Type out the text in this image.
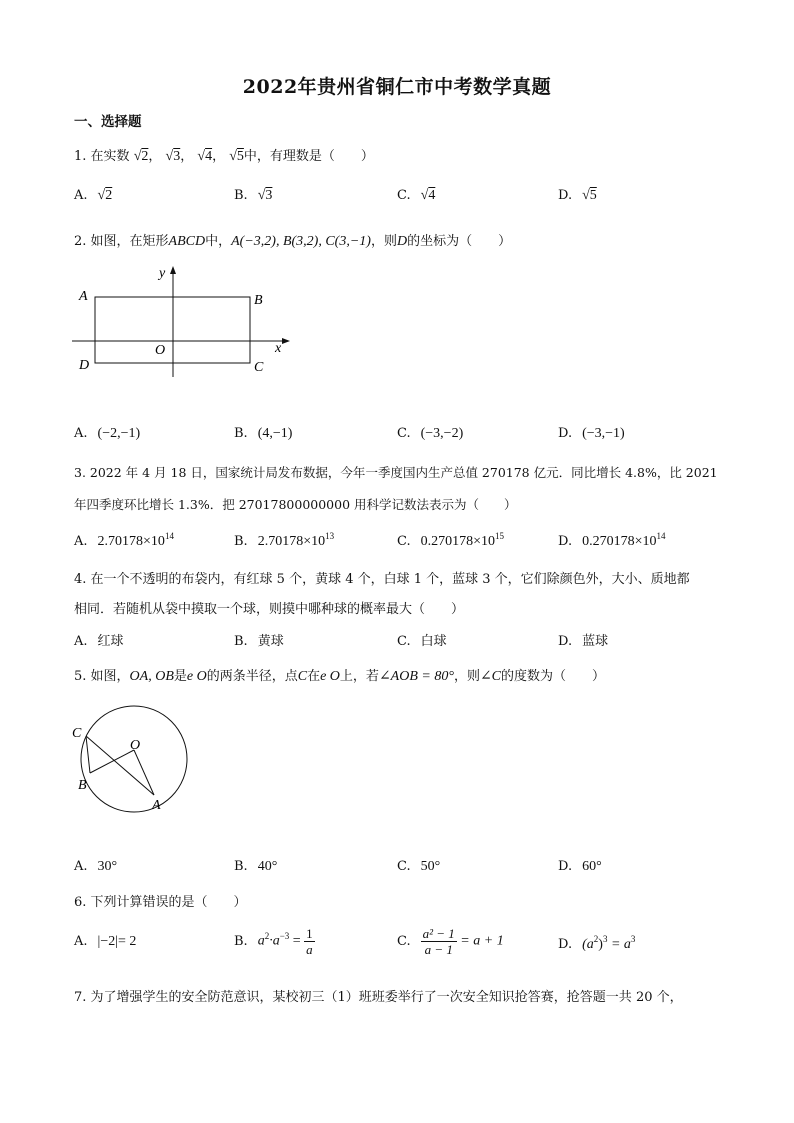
2022年贵州省铜仁市中考数学真题
一、选择题
1. 在实数 √2， √3， √4， √5中，有理数是（　　）
A. √2	B. √3	C. √4	D. √5
2. 如图，在矩形ABCD中，A(−3,2), B(3,2), C(3,−1)，则D的坐标为（　　）
A	B
C
D
O	x
y
A. (−2,−1)	B. (4,−1)	C. (−3,−2)	D. (−3,−1)
3. 2022 年 4 月 18 日，国家统计局发布数据，今年一季度国内生产总值 270178 亿元．同比增长 4.8%，比 2021
年四季度环比增长 1.3%．把 27017800000000 用科学记数法表示为（　　）
A. $2.70178\times 10^{14}$	B. $2.70178\times 10^{13}$	C. $0.270178\times 10^{15}$	D. $0.270178\times 10^{14}$
4. 在一个不透明的布袋内，有红球 5 个，黄球 4 个，白球 1 个，蓝球 3 个，它们除颜色外，大小、质地都
相同．若随机从袋中摸取一个球，则摸中哪种球的概率最大（　　）
A. 红球	B. 黄球	C. 白球	D. 蓝球
5. 如图，OA, OB是e O的两条半径，点C在e O上，若∠AOB = 80°，则∠C的度数为（　　）
C
O
B
A
A. 30°	B. 40°	C. 50°	D. 60°
6. 下列计算错误的是（　　）
A. |−2|= 2	B. $a^2\cdot a^{-3} = \frac{1}{a}$	C. $\frac{\text{a² − 1}}{a - 1} = a + 1$	D. $(a^2)^3 = a^3$
7. 为了增强学生的安全防范意识，某校初三（1）班班委举行了一次安全知识抢答赛，抢答题一共 20 个，
